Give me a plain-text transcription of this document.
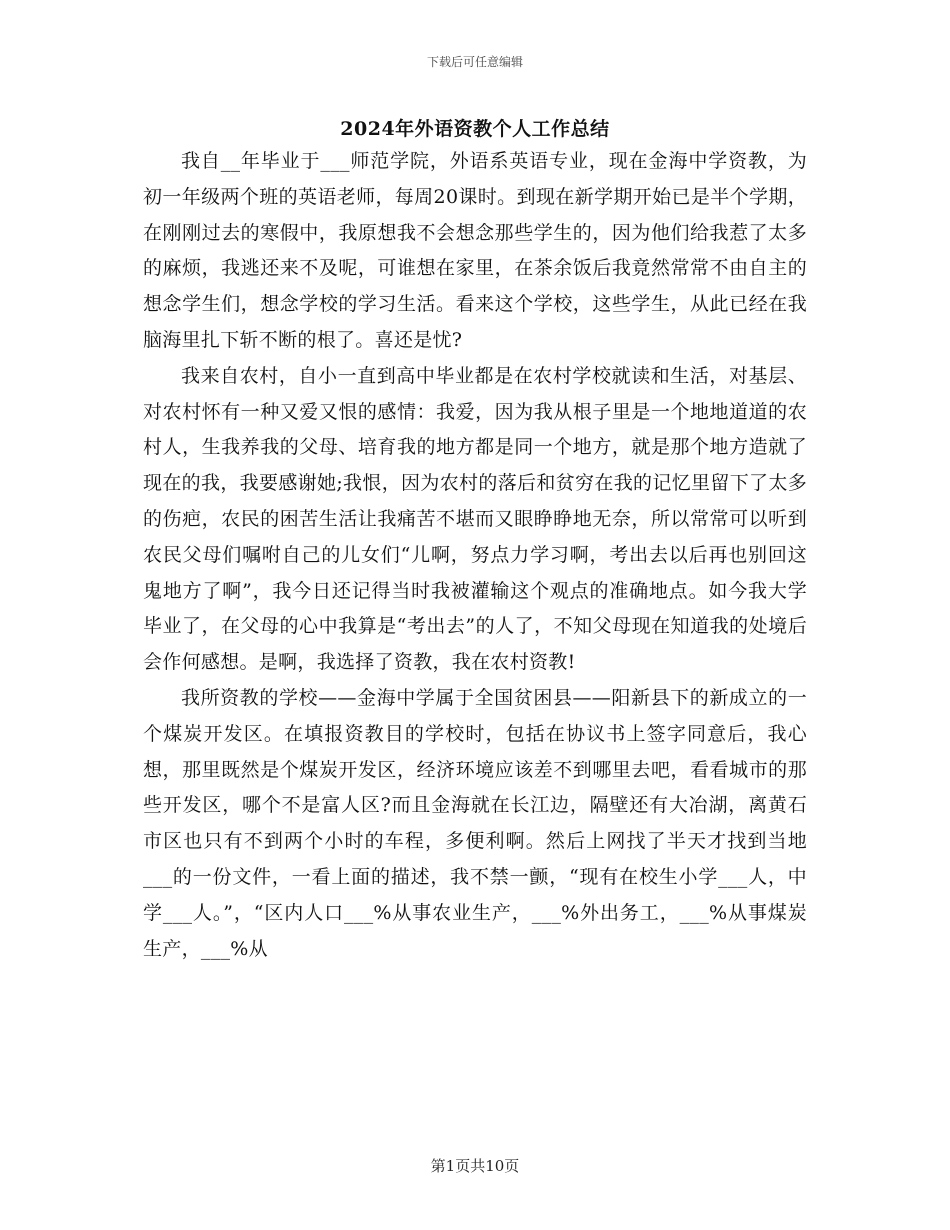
下载后可任意编辑
2024年外语资教个人工作总结

我自__年毕业于___师范学院，外语系英语专业，现在金海中学资教，为初一年级两个班的英语老师，每周20课时。到现在新学期开始已是半个学期，在刚刚过去的寒假中，我原想我不会想念那些学生的，因为他们给我惹了太多的麻烦，我逃还来不及呢，可谁想在家里，在茶余饭后我竟然常常不由自主的想念学生们，想念学校的学习生活。看来这个学校，这些学生，从此已经在我脑海里扎下斩不断的根了。喜还是忧?

我来自农村，自小一直到高中毕业都是在农村学校就读和生活，对基层、对农村怀有一种又爱又恨的感情：我爱，因为我从根子里是一个地地道道的农村人，生我养我的父母、培育我的地方都是同一个地方，就是那个地方造就了现在的我，我要感谢她;我恨，因为农村的落后和贫穷在我的记忆里留下了太多的伤疤，农民的困苦生活让我痛苦不堪而又眼睁睁地无奈，所以常常可以听到农民父母们嘱咐自己的儿女们“儿啊，努点力学习啊，考出去以后再也别回这鬼地方了啊”，我今日还记得当时我被灌输这个观点的准确地点。如今我大学毕业了，在父母的心中我算是“考出去”的人了，不知父母现在知道我的处境后会作何感想。是啊，我选择了资教，我在农村资教!

我所资教的学校——金海中学属于全国贫困县——阳新县下的新成立的一个煤炭开发区。在填报资教目的学校时，包括在协议书上签字同意后，我心想，那里既然是个煤炭开发区，经济环境应该差不到哪里去吧，看看城市的那些开发区，哪个不是富人区?而且金海就在长江边，隔壁还有大冶湖，离黄石市区也只有不到两个小时的车程，多便利啊。然后上网找了半天才找到当地___的一份文件，一看上面的描述，我不禁一颤，“现有在校生小学___人，中学___人。”，“区内人口___%从事农业生产，___%外出务工，___%从事煤炭生产，___%从

第1页共10页
